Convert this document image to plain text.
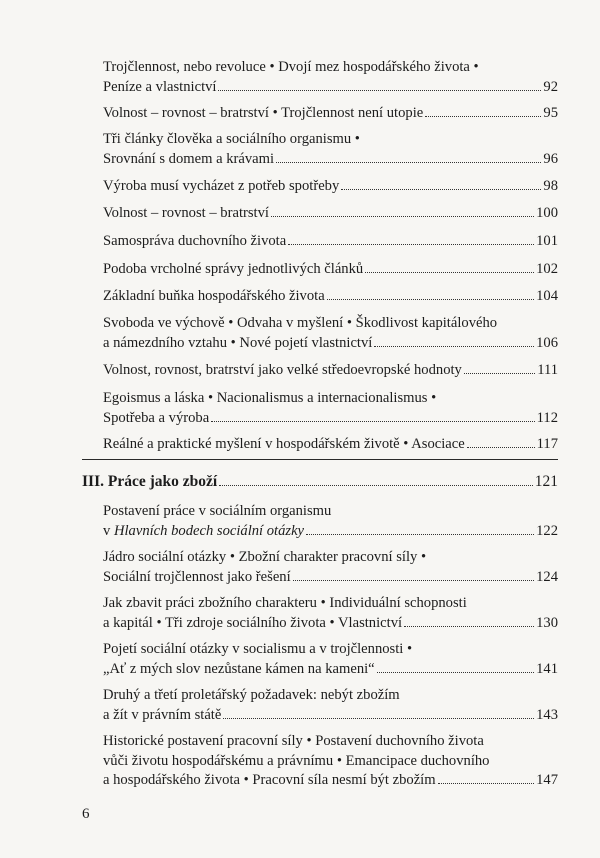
Trojčlennost, nebo revoluce • Dvojí mez hospodářského života •
Peníze a vlastnictví	92
Volnost – rovnost – bratrství • Trojčlennost není utopie	95
Tři články člověka a sociálního organismu •
Srovnání s domem a krávami	96
Výroba musí vycházet z potřeb spotřeby	98
Volnost – rovnost – bratrství	100
Samospráva duchovního života	101
Podoba vrcholné správy jednotlivých článků	102
Základní buňka hospodářského života	104
Svoboda ve výchově • Odvaha v myšlení • Škodlivost kapitálového
a námezdního vztahu • Nové pojetí vlastnictví	106
Volnost, rovnost, bratrství jako velké středoevropské hodnoty	111
Egoismus a láska • Nacionalismus a internacionalismus •
Spotřeba a výroba	112
Reálné a praktické myšlení v hospodářském životě • Asociace	117
III. Práce jako zboží	121
Postavení práce v sociálním organismu
v Hlavních bodech sociální otázky	122
Jádro sociální otázky • Zbožní charakter pracovní síly •
Sociální trojčlennost jako řešení	124
Jak zbavit práci zbožního charakteru • Individuální schopnosti
a kapitál • Tři zdroje sociálního života • Vlastnictví	130
Pojetí sociální otázky v socialismu a v trojčlennosti •
„Ať z mých slov nezůstane kámen na kameni“	141
Druhý a třetí proletářský požadavek: nebýt zbožím
a žít v právním státě	143
Historické postavení pracovní síly • Postavení duchovního života
vůči životu hospodářskému a právnímu • Emancipace duchovního
a hospodářského života • Pracovní síla nesmí být zbožím	147
6
